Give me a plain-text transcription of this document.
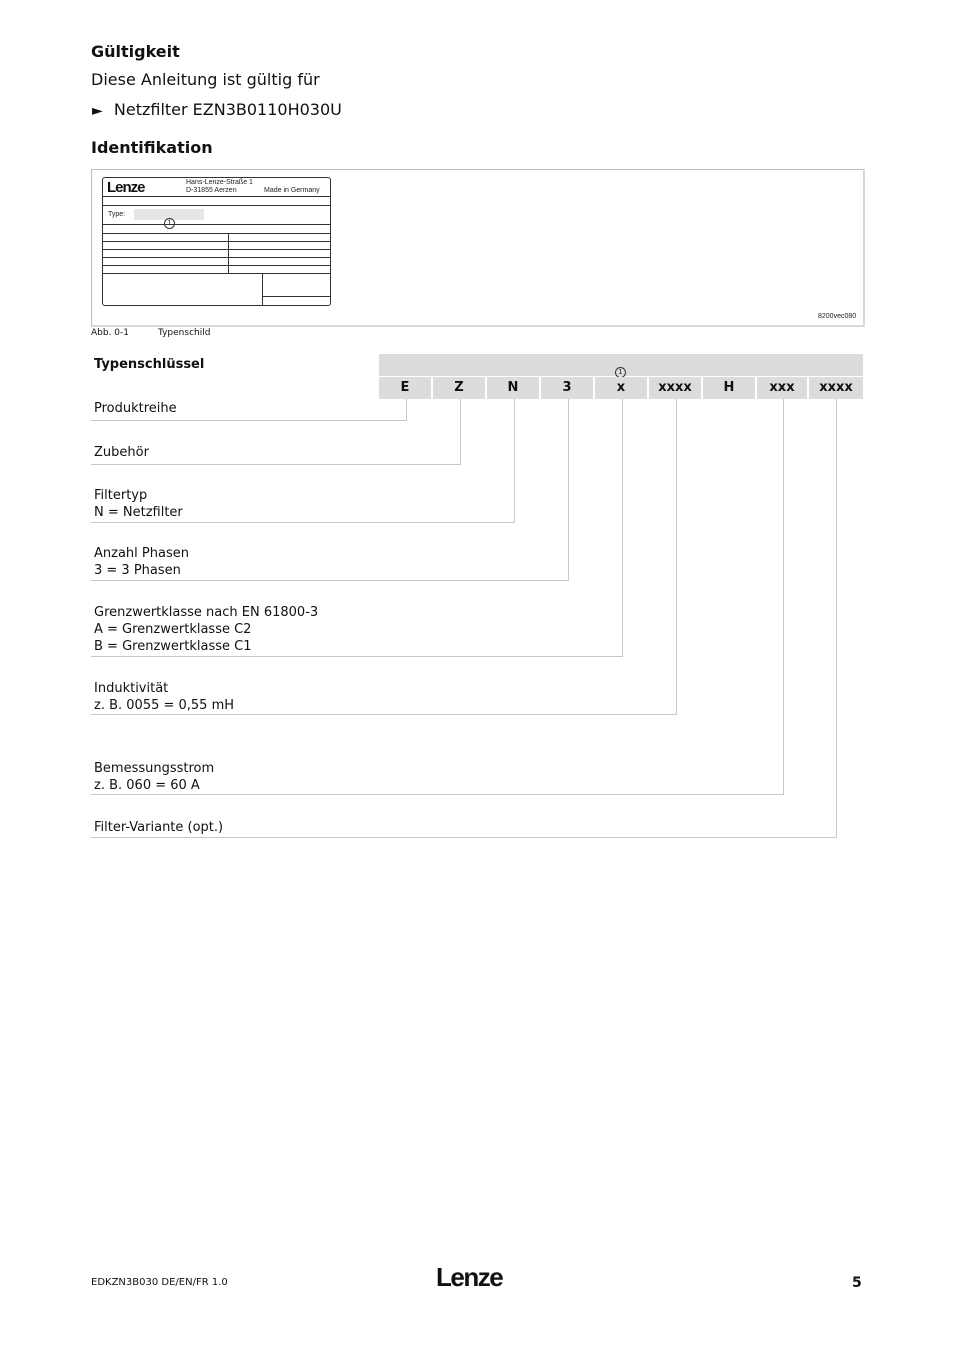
Gültigkeit
Diese Anleitung ist gültig für
► Netzfilter EZN3B0110H030U
Identifikation
Lenze	Hans-Lenze-Straße 1
D-31855 Aerzen	Made in Germany
Type:
8200vec080
Abb. 0-1	Typenschild
Typenschlüssel
1
E	Z	N	3	x	xxxx	H	xxx	xxxx
Produktreihe
Zubehör
Filtertyp
N = Netzfilter
Anzahl Phasen
3 = 3 Phasen
Grenzwertklasse nach EN 61800-3
A = Grenzwertklasse C2
B = Grenzwertklasse C1
Induktivität
z. B. 0055 = 0,55 mH
Bemessungsstrom
z. B. 060 = 60 A
Filter-Variante (opt.)
EDKZN3B030 DE/EN/FR 1.0	Lenze	5
